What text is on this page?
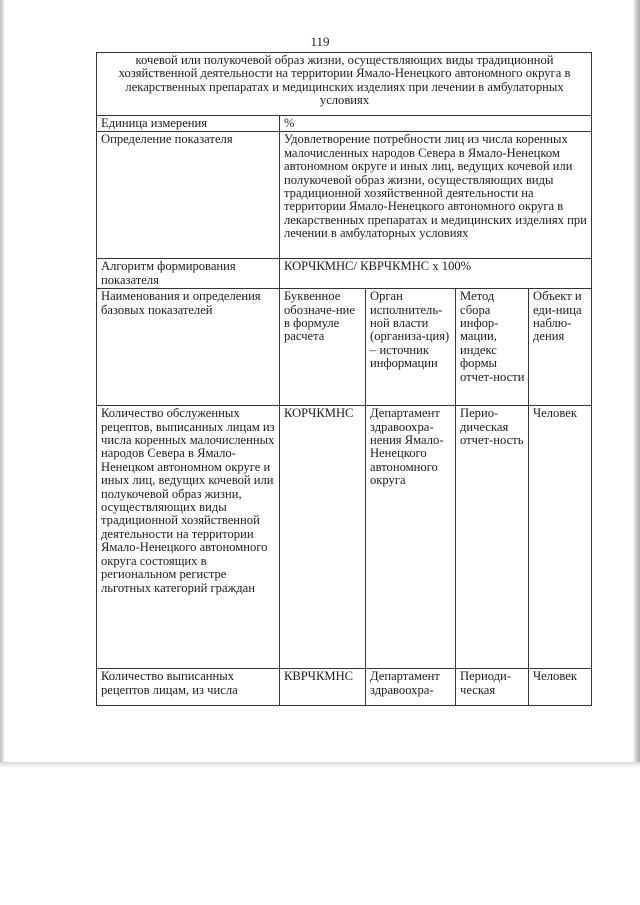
119
кочевой или полукочевой образ жизни, осуществляющих виды традиционной хозяйственной деятельности на территории Ямало-Ненецкого автономного округа в лекарственных препаратах и медицинских изделиях при лечении в амбулаторных условиях				
Единица измерения	%			
Определение показателя	Удовлетворение потребности лиц из числа коренных малочисленных народов Севера в Ямало-Ненецком автономном округе и иных лиц, ведущих кочевой или полукочевой образ жизни, осуществляющих виды традиционной хозяйственной деятельности на территории Ямало-Ненецкого автономного округа в лекарственных препаратах и медицинских изделиях при лечении в амбулаторных условиях			
Алгоритм формирования показателя	КОРЧКМНС/ КВРЧКМНС х 100%			
Наименования и определения базовых показателей	Буквенное обозначе-ние в формуле расчета	Орган исполнитель-ной власти (организа-ция) – источник информации	Метод сбора инфор-мации, индекс формы отчет-ности	Объект и еди-ница наблю-дения
Количество обслуженных рецептов, выписанных лицам из числа коренных малочисленных народов Севера в Ямало-Ненецком автономном округе и иных лиц, ведущих кочевой или полукочевой образ жизни, осуществляющих виды традиционной хозяйственной деятельности на территории Ямало-Ненецкого автономного округа состоящих в региональном регистре льготных категорий граждан	КОРЧКМНС	Департамент здравоохра-нения Ямало-Ненецкого автономного округа	Перио-дическая отчет-ность	Человек
Количество выписанных рецептов лицам, из числа	КВРЧКМНС	Департамент здравоохра-	Периоди-ческая	Человек
